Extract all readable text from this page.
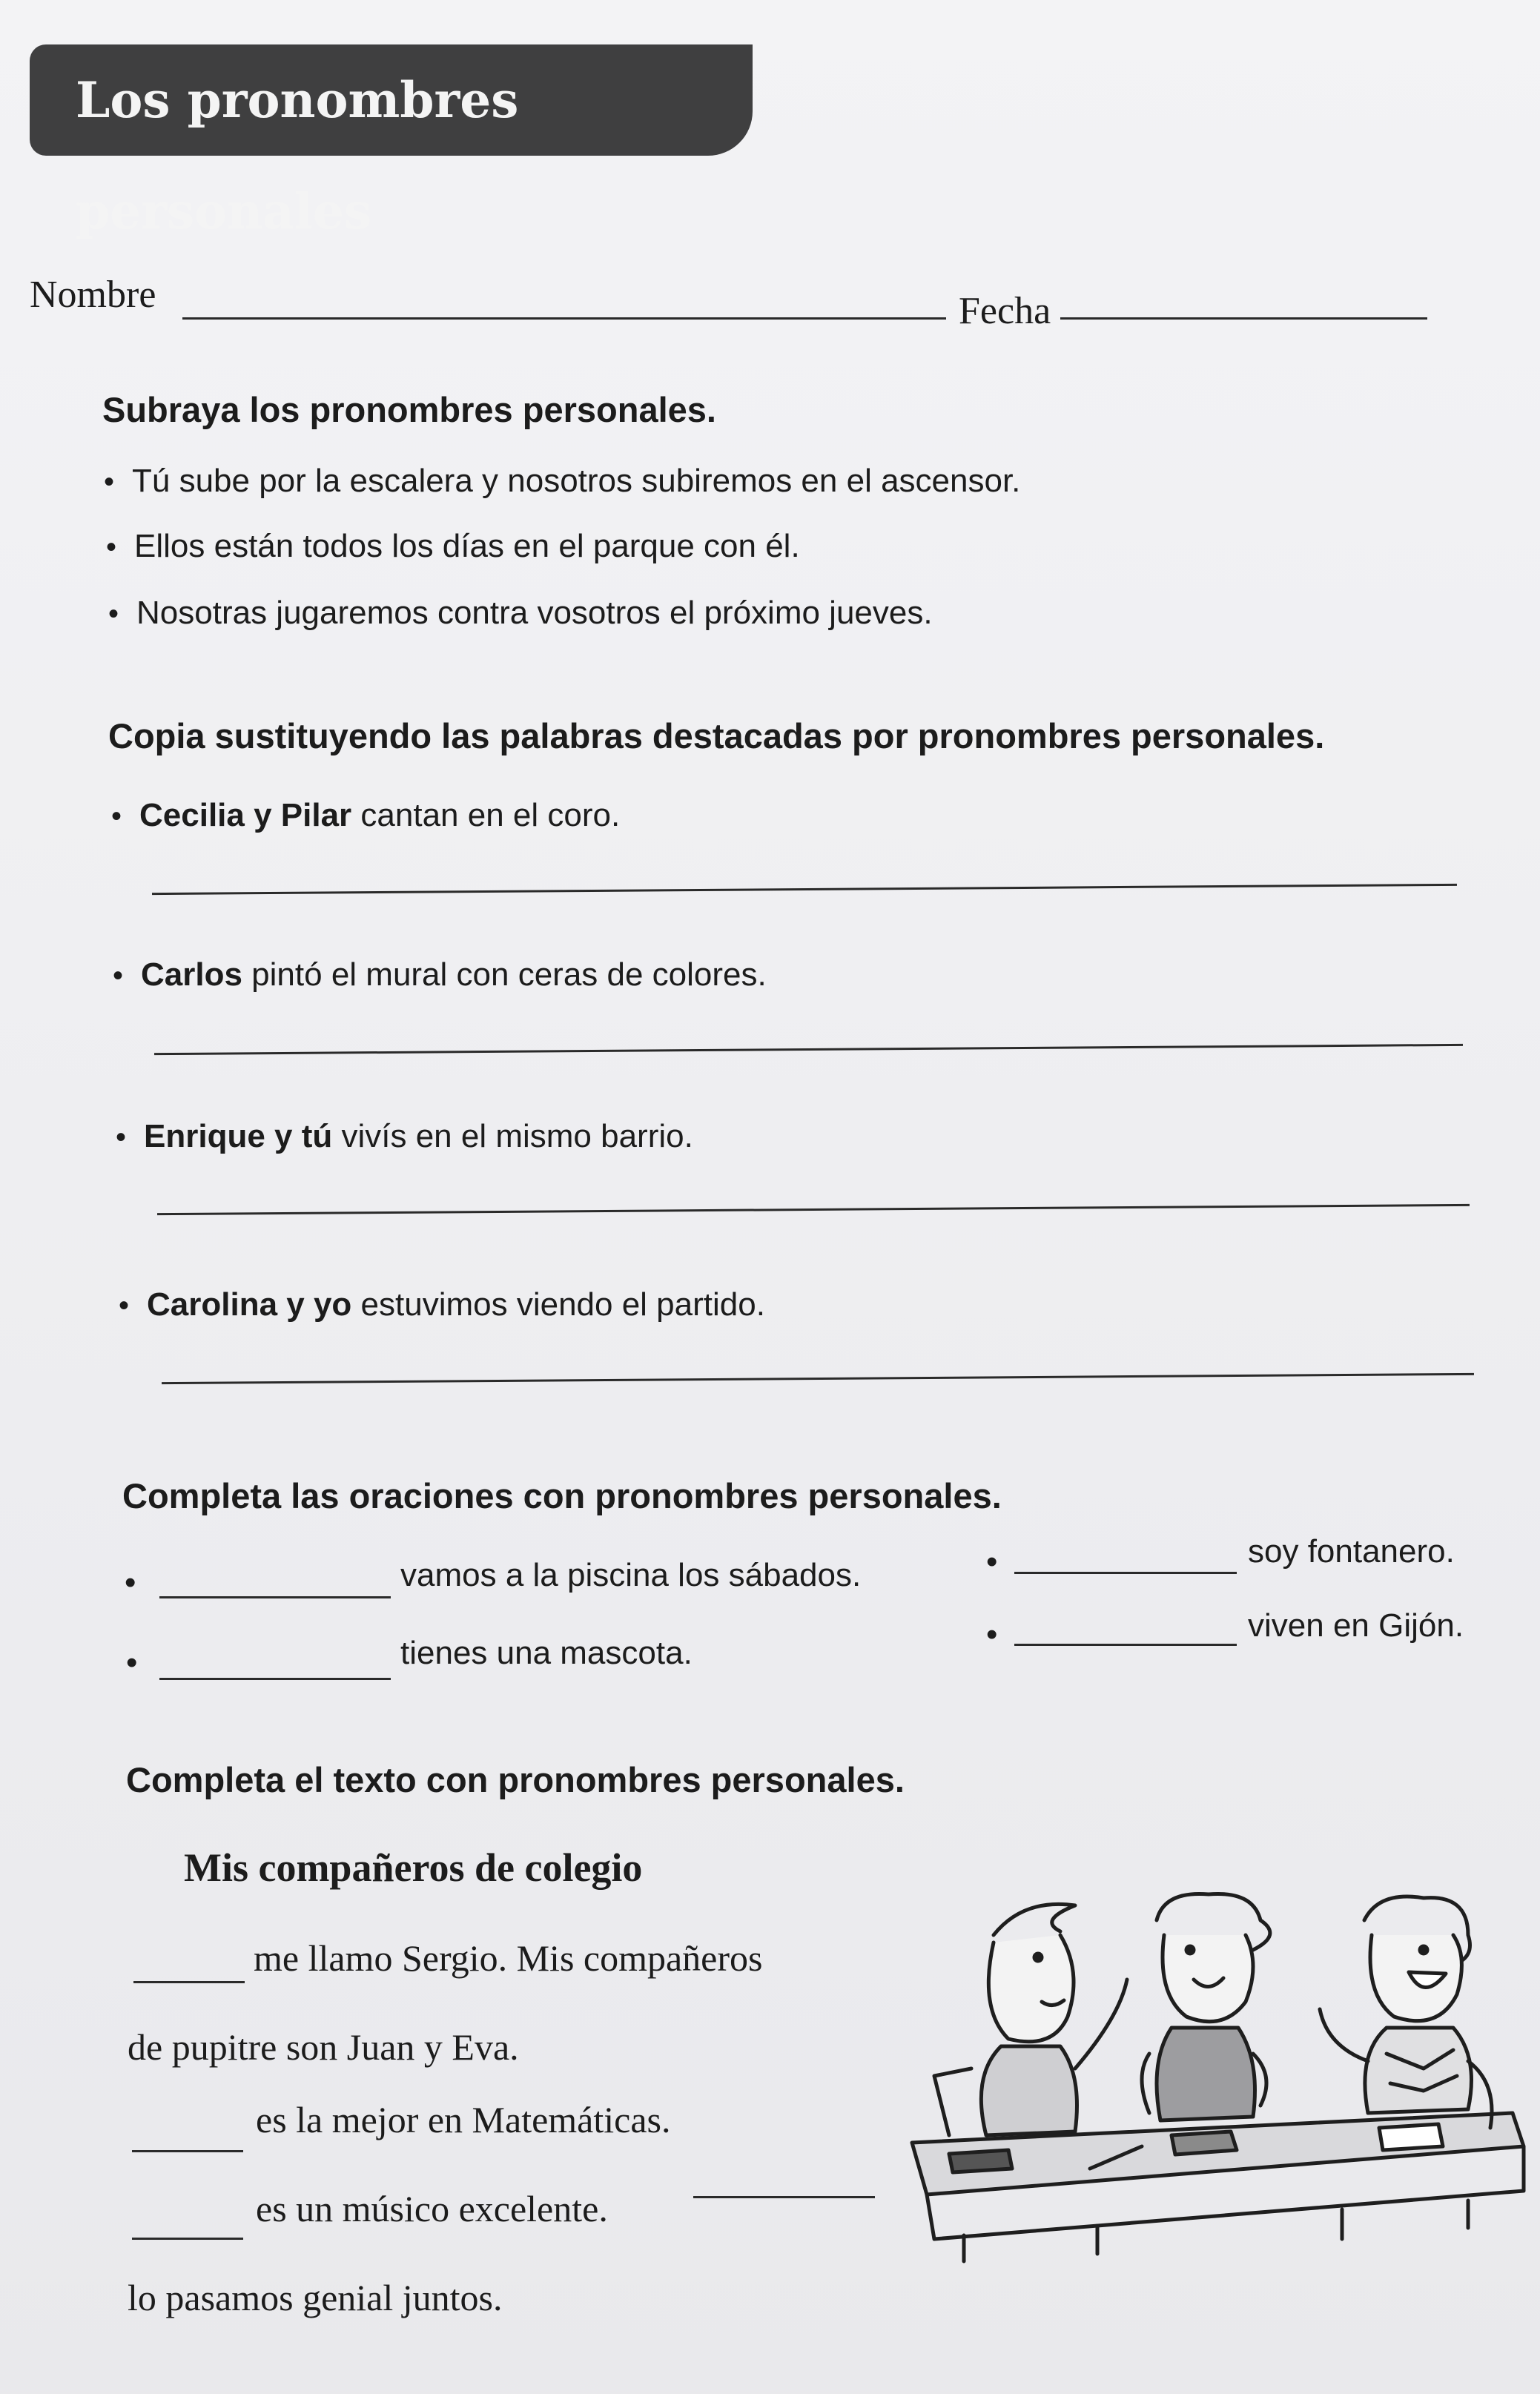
Los pronombres personales
Nombre	Fecha
Subraya los pronombres personales.
• Tú sube por la escalera y nosotros subiremos en el ascensor.
• Ellos están todos los días en el parque con él.
• Nosotras jugaremos contra vosotros el próximo jueves.
Copia sustituyendo las palabras destacadas por pronombres personales.
• Cecilia y Pilar cantan en el coro.
• Carlos pintó el mural con ceras de colores.
• Enrique y tú vivís en el mismo barrio.
• Carolina y yo estuvimos viendo el partido.
Completa las oraciones con pronombres personales.
•	vamos a la piscina los sábados.	•	soy fontanero.
•	tienes una mascota.
•	viven en Gijón.
Completa el texto con pronombres personales.
Mis compañeros de colegio
me llamo Sergio. Mis compañeros
de pupitre son Juan y Eva.
es la mejor en Matemáticas.
es un músico excelente.
lo pasamos genial juntos.
